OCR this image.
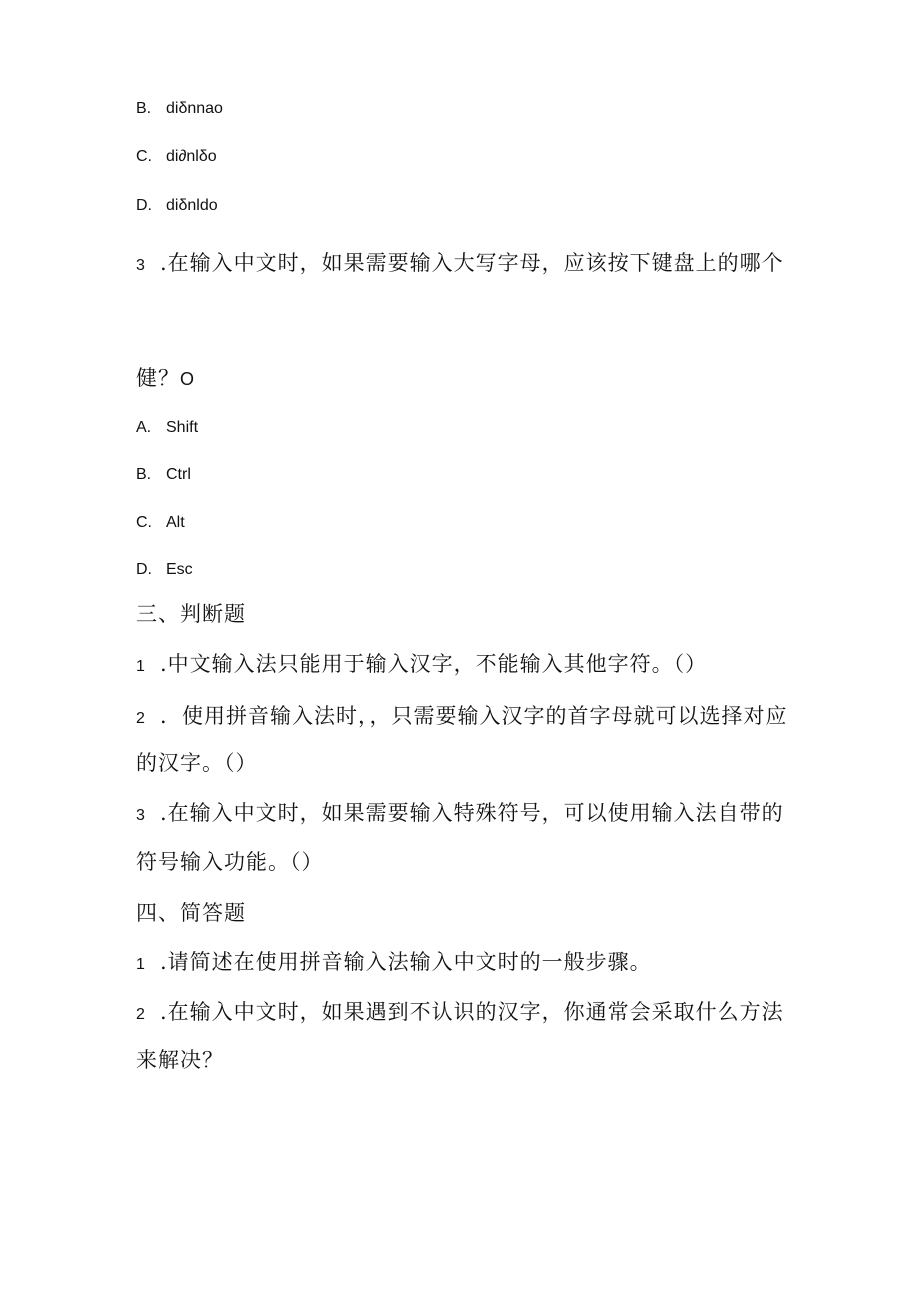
B. diδnnao
C. di∂nlδo
D. diδnldo
3 .在输入中文时，如果需要输入大写字母，应该按下键盘上的哪个
健？O
A. Shift
B. Ctrl
C. Alt
D. Esc
三、判断题
1 .中文输入法只能用于输入汉字，不能输入其他字符。（）
2 ．使用拼音输入法时，，只需要输入汉字的首字母就可以选择对应
的汉字。（）
3 .在输入中文时，如果需要输入特殊符号，可以使用输入法自带的
符号输入功能。（）
四、简答题
1 .请简述在使用拼音输入法输入中文时的一般步骤。
2 .在输入中文时，如果遇到不认识的汉字，你通常会采取什么方法
来解决？
